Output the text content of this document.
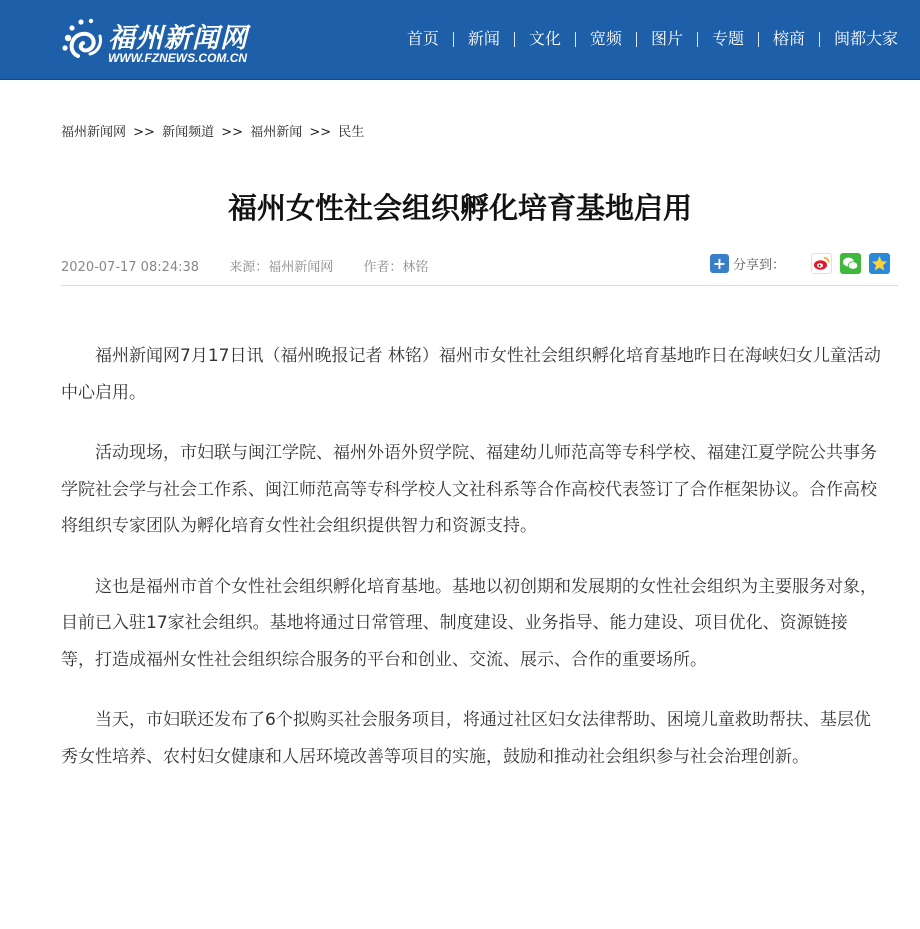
福州新闻网
WWW.FZNEWS.COM.CN
首页	新闻	文化	宽频	图片	专题	榕商	闽都大家
福州新闻网 >> 新闻频道 >> 福州新闻 >> 民生
福州女性社会组织孵化培育基地启用
2020-07-17 08:24:38 来源：福州新闻网 作者：林铭	+ 分享到：

福州新闻网7月17日讯（福州晚报记者 林铭）福州市女性社会组织孵化培育基地昨日在海峡妇女儿童活动中心启用。

活动现场，市妇联与闽江学院、福州外语外贸学院、福建幼儿师范高等专科学校、福建江夏学院公共事务学院社会学与社会工作系、闽江师范高等专科学校人文社科系等合作高校代表签订了合作框架协议。合作高校将组织专家团队为孵化培育女性社会组织提供智力和资源支持。

这也是福州市首个女性社会组织孵化培育基地。基地以初创期和发展期的女性社会组织为主要服务对象，目前已入驻17家社会组织。基地将通过日常管理、制度建设、业务指导、能力建设、项目优化、资源链接等，打造成福州女性社会组织综合服务的平台和创业、交流、展示、合作的重要场所。

当天，市妇联还发布了6个拟购买社会服务项目，将通过社区妇女法律帮助、困境儿童救助帮扶、基层优秀女性培养、农村妇女健康和人居环境改善等项目的实施，鼓励和推动社会组织参与社会治理创新。
